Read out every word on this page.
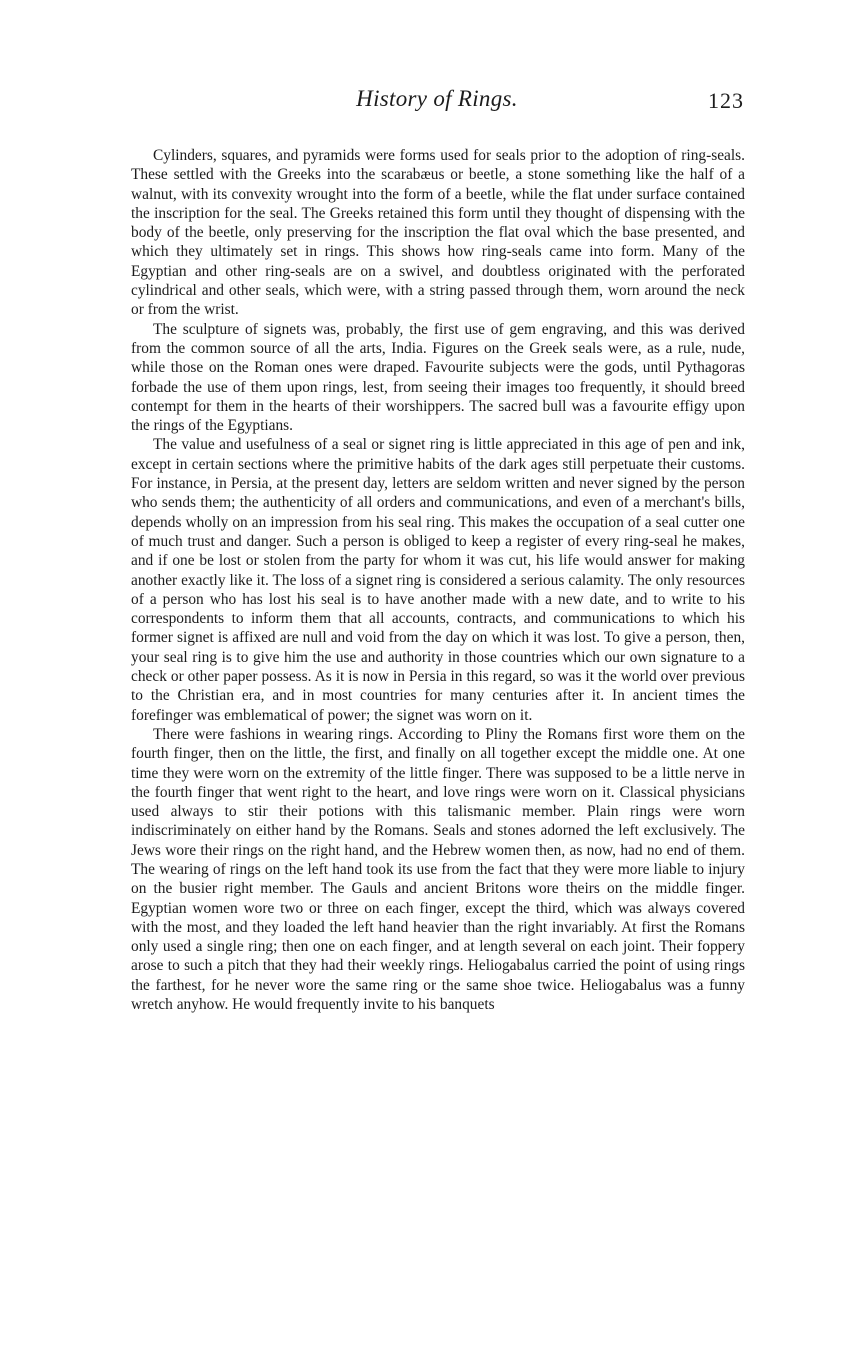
History of Rings.	123

Cylinders, squares, and pyramids were forms used for seals prior to the adoption of ring-seals. These settled with the Greeks into the scarabæus or beetle, a stone something like the half of a walnut, with its convexity wrought into the form of a beetle, while the flat under surface contained the inscription for the seal. The Greeks retained this form until they thought of dispensing with the body of the beetle, only preserving for the inscription the flat oval which the base presented, and which they ultimately set in rings. This shows how ring-seals came into form. Many of the Egyptian and other ring-seals are on a swivel, and doubtless originated with the perforated cylindrical and other seals, which were, with a string passed through them, worn around the neck or from the wrist.

The sculpture of signets was, probably, the first use of gem engraving, and this was derived from the common source of all the arts, India. Figures on the Greek seals were, as a rule, nude, while those on the Roman ones were draped. Favourite subjects were the gods, until Pythagoras forbade the use of them upon rings, lest, from seeing their images too frequently, it should breed contempt for them in the hearts of their worshippers. The sacred bull was a favourite effigy upon the rings of the Egyptians.

The value and usefulness of a seal or signet ring is little appreciated in this age of pen and ink, except in certain sections where the primitive habits of the dark ages still perpetuate their customs. For instance, in Persia, at the present day, letters are seldom written and never signed by the person who sends them; the authenticity of all orders and communications, and even of a merchant's bills, depends wholly on an impression from his seal ring. This makes the occupation of a seal cutter one of much trust and danger. Such a person is obliged to keep a register of every ring-seal he makes, and if one be lost or stolen from the party for whom it was cut, his life would answer for making another exactly like it. The loss of a signet ring is considered a serious calamity. The only resources of a person who has lost his seal is to have another made with a new date, and to write to his correspondents to inform them that all accounts, contracts, and communications to which his former signet is affixed are null and void from the day on which it was lost. To give a person, then, your seal ring is to give him the use and authority in those countries which our own signature to a check or other paper possess. As it is now in Persia in this regard, so was it the world over previous to the Christian era, and in most countries for many centuries after it. In ancient times the forefinger was emblematical of power; the signet was worn on it.

There were fashions in wearing rings. According to Pliny the Romans first wore them on the fourth finger, then on the little, the first, and finally on all together except the middle one. At one time they were worn on the extremity of the little finger. There was supposed to be a little nerve in the fourth finger that went right to the heart, and love rings were worn on it. Classical physicians used always to stir their potions with this talismanic member. Plain rings were worn indiscriminately on either hand by the Romans. Seals and stones adorned the left exclusively. The Jews wore their rings on the right hand, and the Hebrew women then, as now, had no end of them. The wearing of rings on the left hand took its use from the fact that they were more liable to injury on the busier right member. The Gauls and ancient Britons wore theirs on the middle finger. Egyptian women wore two or three on each finger, except the third, which was always covered with the most, and they loaded the left hand heavier than the right invariably. At first the Romans only used a single ring; then one on each finger, and at length several on each joint. Their foppery arose to such a pitch that they had their weekly rings. Heliogabalus carried the point of using rings the farthest, for he never wore the same ring or the same shoe twice. Heliogabalus was a funny wretch anyhow. He would frequently invite to his banquets
